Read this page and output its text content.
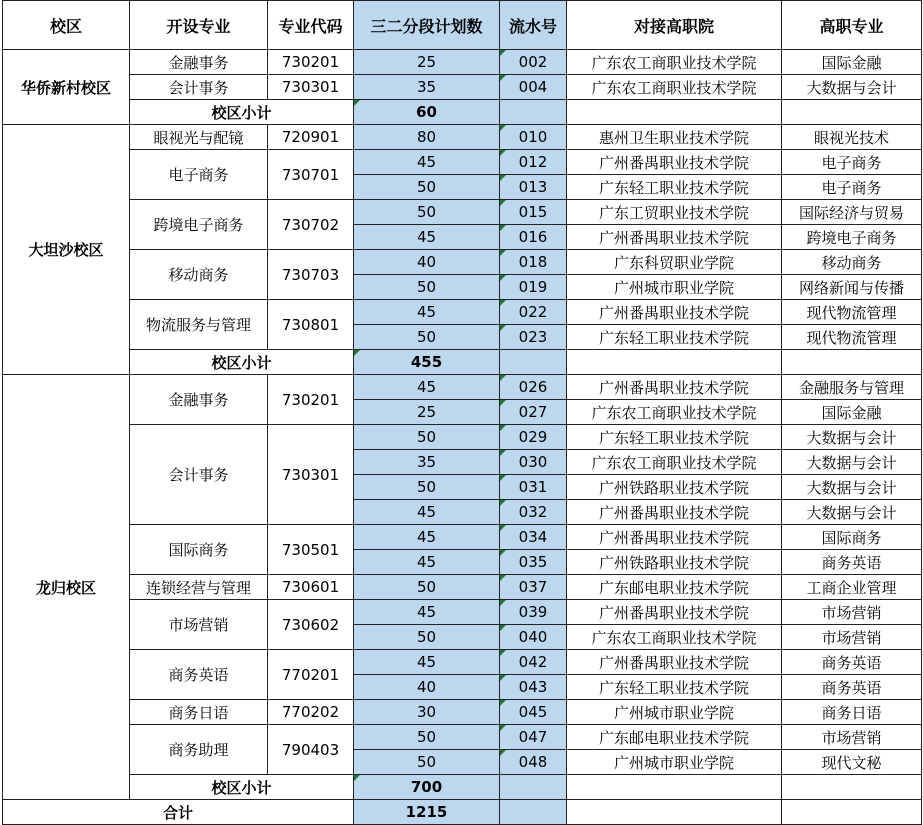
校区	开设专业	专业代码	三二分段计划数	流水号	对接高职院	高职专业
华侨新村校区	金融事务	730201	25	002	广东农工商职业技术学院	国际金融
	会计事务	730301	35	004	广东农工商职业技术学院	大数据与会计
	校区小计		60			
大坦沙校区	眼视光与配镜	720901	80	010	惠州卫生职业技术学院	眼视光技术
	电子商务	730701	45	012	广州番禺职业技术学院	电子商务
			50	013	广东轻工职业技术学院	电子商务
	跨境电子商务	730702	50	015	广东工贸职业技术学院	国际经济与贸易
			45	016	广州番禺职业技术学院	跨境电子商务
	移动商务	730703	40	018	广东科贸职业学院	移动商务
			50	019	广州城市职业学院	网络新闻与传播
	物流服务与管理	730801	45	022	广州番禺职业技术学院	现代物流管理
			50	023	广东轻工职业技术学院	现代物流管理
	校区小计		455			
龙归校区	金融事务	730201	45	026	广州番禺职业技术学院	金融服务与管理
			25	027	广东农工商职业技术学院	国际金融
	会计事务	730301	50	029	广东轻工职业技术学院	大数据与会计
			35	030	广东农工商职业技术学院	大数据与会计
			50	031	广州铁路职业技术学院	大数据与会计
			45	032	广州番禺职业技术学院	大数据与会计
	国际商务	730501	45	034	广州番禺职业技术学院	国际商务
			45	035	广州铁路职业技术学院	商务英语
	连锁经营与管理	730601	50	037	广东邮电职业技术学院	工商企业管理
	市场营销	730602	45	039	广州番禺职业技术学院	市场营销
			50	040	广东农工商职业技术学院	市场营销
	商务英语	770201	45	042	广州番禺职业技术学院	商务英语
			40	043	广东轻工职业技术学院	商务英语
	商务日语	770202	30	045	广州城市职业学院	商务日语
	商务助理	790403	50	047	广东邮电职业技术学院	市场营销
			50	048	广州城市职业学院	现代文秘
	校区小计		700			
合计			1215			
